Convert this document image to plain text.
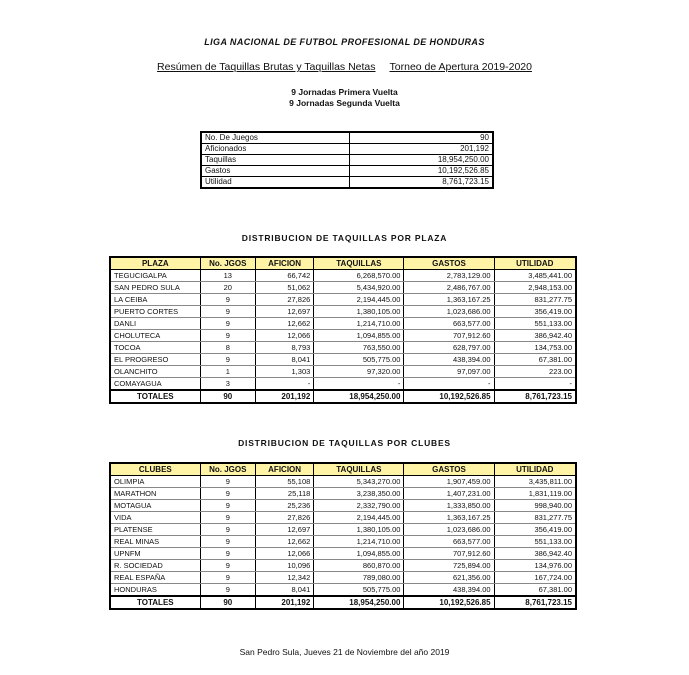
LIGA NACIONAL DE FUTBOL PROFESIONAL DE HONDURAS
Resúmen de Taquillas Brutas y Taquillas Netas Torneo de Apertura 2019-2020
9 Jornadas Primera Vuelta
9 Jornadas Segunda Vuelta
No. De Juegos	90
Aficionados	201,192
Taquillas	18,954,250.00
Gastos	10,192,526.85
Utilidad	8,761,723.15
DISTRIBUCION DE TAQUILLAS POR PLAZA
PLAZA	No. JGOS	AFICION	TAQUILLAS	GASTOS	UTILIDAD
TEGUCIGALPA	13	66,742	6,268,570.00	2,783,129.00	3,485,441.00
SAN PEDRO SULA	20	51,062	5,434,920.00	2,486,767.00	2,948,153.00
LA CEIBA	9	27,826	2,194,445.00	1,363,167.25	831,277.75
PUERTO CORTES	9	12,697	1,380,105.00	1,023,686.00	356,419.00
DANLI	9	12,662	1,214,710.00	663,577.00	551,133.00
CHOLUTECA	9	12,066	1,094,855.00	707,912.60	386,942.40
TOCOA	8	8,793	763,550.00	628,797.00	134,753.00
EL PROGRESO	9	8,041	505,775.00	438,394.00	67,381.00
OLANCHITO	1	1,303	97,320.00	97,097.00	223.00
COMAYAGUA	3	-	-	-	-
TOTALES	90	201,192	18,954,250.00	10,192,526.85	8,761,723.15
DISTRIBUCION DE TAQUILLAS POR CLUBES
CLUBES	No. JGOS	AFICION	TAQUILLAS	GASTOS	UTILIDAD
OLIMPIA	9	55,108	5,343,270.00	1,907,459.00	3,435,811.00
MARATHON	9	25,118	3,238,350.00	1,407,231.00	1,831,119.00
MOTAGUA	9	25,236	2,332,790.00	1,333,850.00	998,940.00
VIDA	9	27,826	2,194,445.00	1,363,167.25	831,277.75
PLATENSE	9	12,697	1,380,105.00	1,023,686.00	356,419.00
REAL MINAS	9	12,662	1,214,710.00	663,577.00	551,133.00
UPNFM	9	12,066	1,094,855.00	707,912.60	386,942.40
R. SOCIEDAD	9	10,096	860,870.00	725,894.00	134,976.00
REAL ESPAÑA	9	12,342	789,080.00	621,356.00	167,724.00
HONDURAS	9	8,041	505,775.00	438,394.00	67,381.00
TOTALES	90	201,192	18,954,250.00	10,192,526.85	8,761,723.15
San Pedro Sula, Jueves 21 de Noviembre del año 2019
